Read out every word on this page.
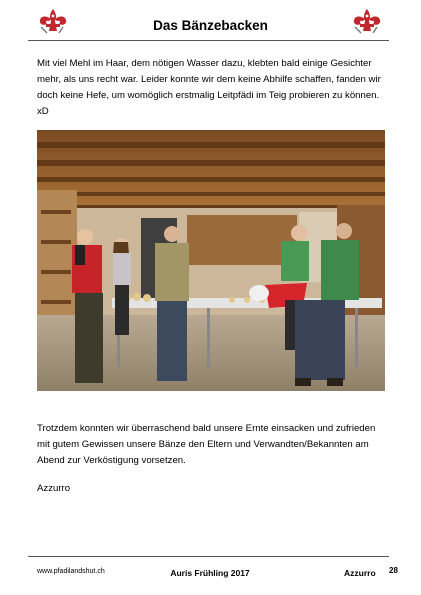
Das Bänzebacken

Mit viel Mehl im Haar, dem nötigen Wasser dazu, klebten bald einige Gesichter mehr, als uns recht war. Leider konnte wir dem keine Abhilfe schaffen, fanden wir doch keine Hefe, um womöglich erstmalig Leitpfädi im Teig probieren zu können. xD

Trotzdem konnten wir überraschend bald unsere Ernte einsacken und zufrieden mit gutem Gewissen unsere Bänze den Eltern und Verwandten/Bekannten am Abend zur Verköstigung vorsetzen.

Azzurro
www.pfadilandshut.ch	Auris Frühling 2017	Azzurro 28
